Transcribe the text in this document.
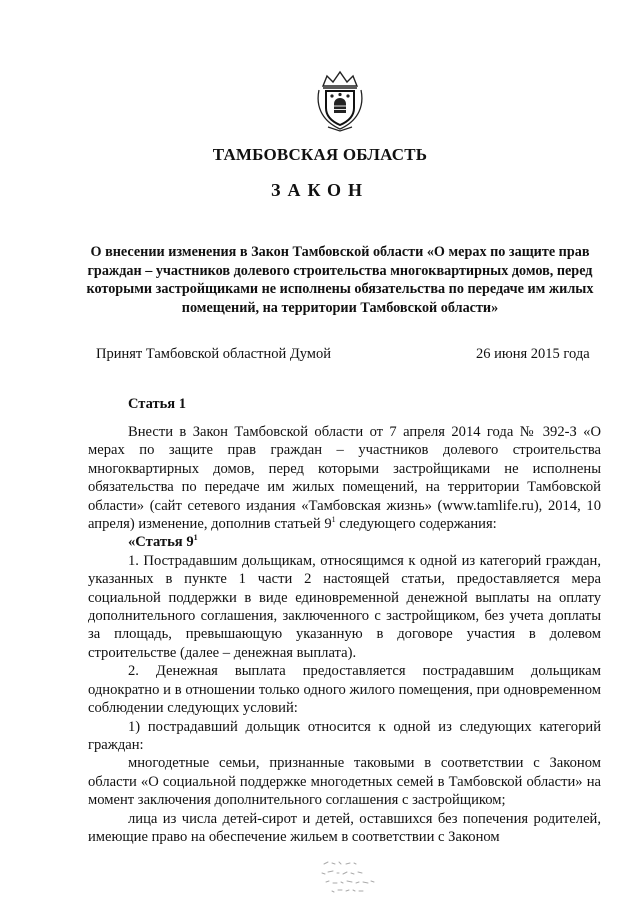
ТАМБОВСКАЯ ОБЛАСТЬ
ЗАКОН

О внесении изменения в Закон Тамбовской области «О мерах по защите прав граждан – участников долевого строительства многоквартирных домов, перед которыми застройщиками не исполнены обязательства по передаче им жилых помещений, на территории Тамбовской области»

Принят Тамбовской областной Думой	26 июня 2015 года
Статья 1

Внести в Закон Тамбовской области от 7 апреля 2014 года № 392-З «О мерах по защите прав граждан – участников долевого строительства многоквартирных домов, перед которыми застройщиками не исполнены обязательства по передаче им жилых помещений, на территории Тамбовской области» (сайт сетевого издания «Тамбовская жизнь» (www.tamlife.ru), 2014, 10 апреля) изменение, дополнив статьей $9^1$ следующего содержания:

«Статья $9^1$

1. Пострадавшим дольщикам, относящимся к одной из категорий граждан, указанных в пункте 1 части 2 настоящей статьи, предоставляется мера социальной поддержки в виде единовременной денежной выплаты на оплату дополнительного соглашения, заключенного с застройщиком, без учета доплаты за площадь, превышающую указанную в договоре участия в долевом строительстве (далее – денежная выплата).

2. Денежная выплата предоставляется пострадавшим дольщикам однократно и в отношении только одного жилого помещения, при одновременном соблюдении следующих условий:

1) пострадавший дольщик относится к одной из следующих категорий граждан:

многодетные семьи, признанные таковыми в соответствии с Законом области «О социальной поддержке многодетных семей в Тамбовской области» на момент заключения дополнительного соглашения с застройщиком;

лица из числа детей-сирот и детей, оставшихся без попечения родителей, имеющие право на обеспечение жильем в соответствии с Законом
